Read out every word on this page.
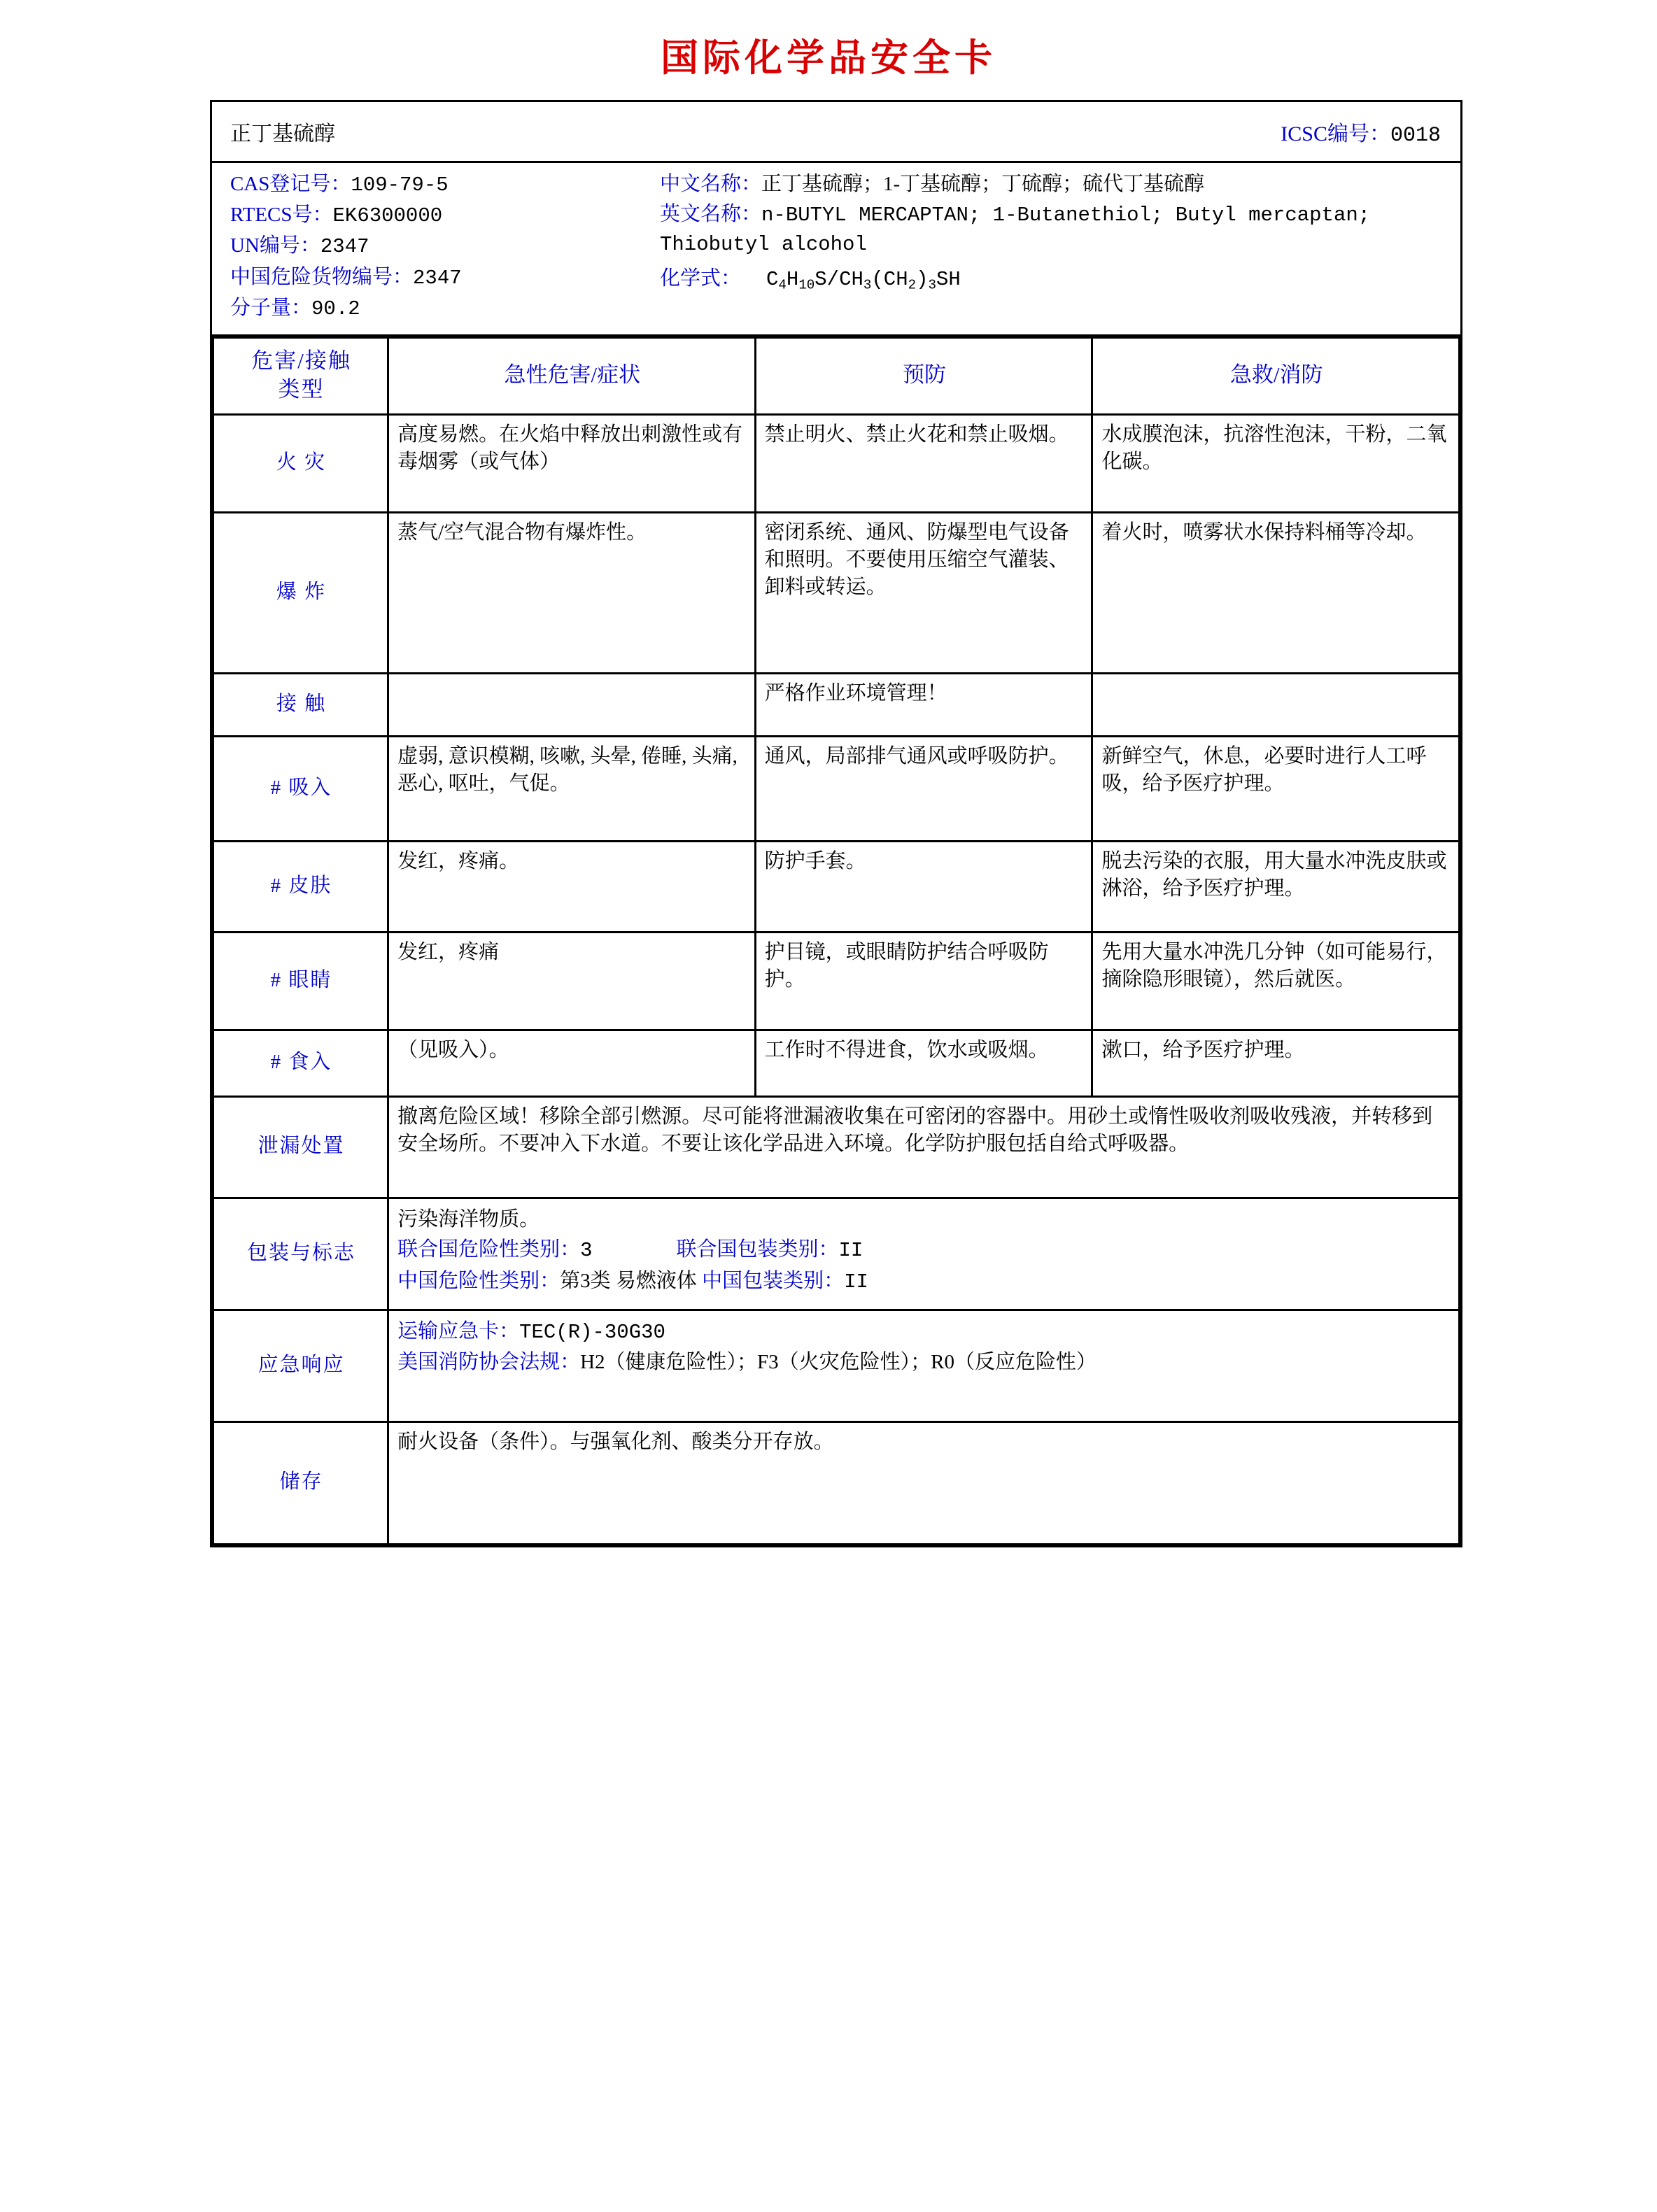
国际化学品安全卡
正丁基硫醇	ICSC编号：0018
CAS登记号：109-79-5
RTECS号：EK6300000
UN编号：2347
中国危险货物编号：2347
分子量：90.2
中文名称：正丁基硫醇；1-丁基硫醇；丁硫醇；硫代丁基硫醇
英文名称：n-BUTYL MERCAPTAN; 1-Butanethiol; Butyl mercaptan; Thiobutyl alcohol
化学式： $C_4H_{10}S/CH_3(CH_2)_3SH$
危害/接触
类型	急性危害/症状	预防	急救/消防
火 灾	高度易燃。在火焰中释放出刺激性或有毒烟雾（或气体）	禁止明火、禁止火花和禁止吸烟。	水成膜泡沫，抗溶性泡沫，干粉，二氧化碳。
爆 炸	蒸气/空气混合物有爆炸性。	密闭系统、通风、防爆型电气设备和照明。不要使用压缩空气灌装、卸料或转运。	着火时，喷雾状水保持料桶等冷却。
接 触		严格作业环境管理！	
# 吸入	虚弱, 意识模糊, 咳嗽, 头晕, 倦睡, 头痛, 恶心, 呕吐，气促。	通风，局部排气通风或呼吸防护。	新鲜空气，休息，必要时进行人工呼吸，给予医疗护理。
# 皮肤	发红，疼痛。	防护手套。	脱去污染的衣服，用大量水冲洗皮肤或淋浴，给予医疗护理。
# 眼睛	发红，疼痛	护目镜，或眼睛防护结合呼吸防护。	先用大量水冲洗几分钟（如可能易行，摘除隐形眼镜），然后就医。
# 食入	（见吸入）。	工作时不得进食，饮水或吸烟。	漱口，给予医疗护理。
泄漏处置	撤离危险区域！移除全部引燃源。尽可能将泄漏液收集在可密闭的容器中。用砂土或惰性吸收剂吸收残液，并转移到安全场所。不要冲入下水道。不要让该化学品进入环境。化学防护服包括自给式呼吸器。		
包装与标志	污染海洋物质。
联合国危险性类别：3 联合国包装类别：II
中国危险性类别：第3类 易燃液体 中国包装类别：II		

应急响应	运输应急卡：TEC(R)-30G30
美国消防协会法规：H2（健康危险性）；F3（火灾危险性）；R0（反应危险性）		

储存	耐火设备（条件）。与强氧化剂、酸类分开存放。		
